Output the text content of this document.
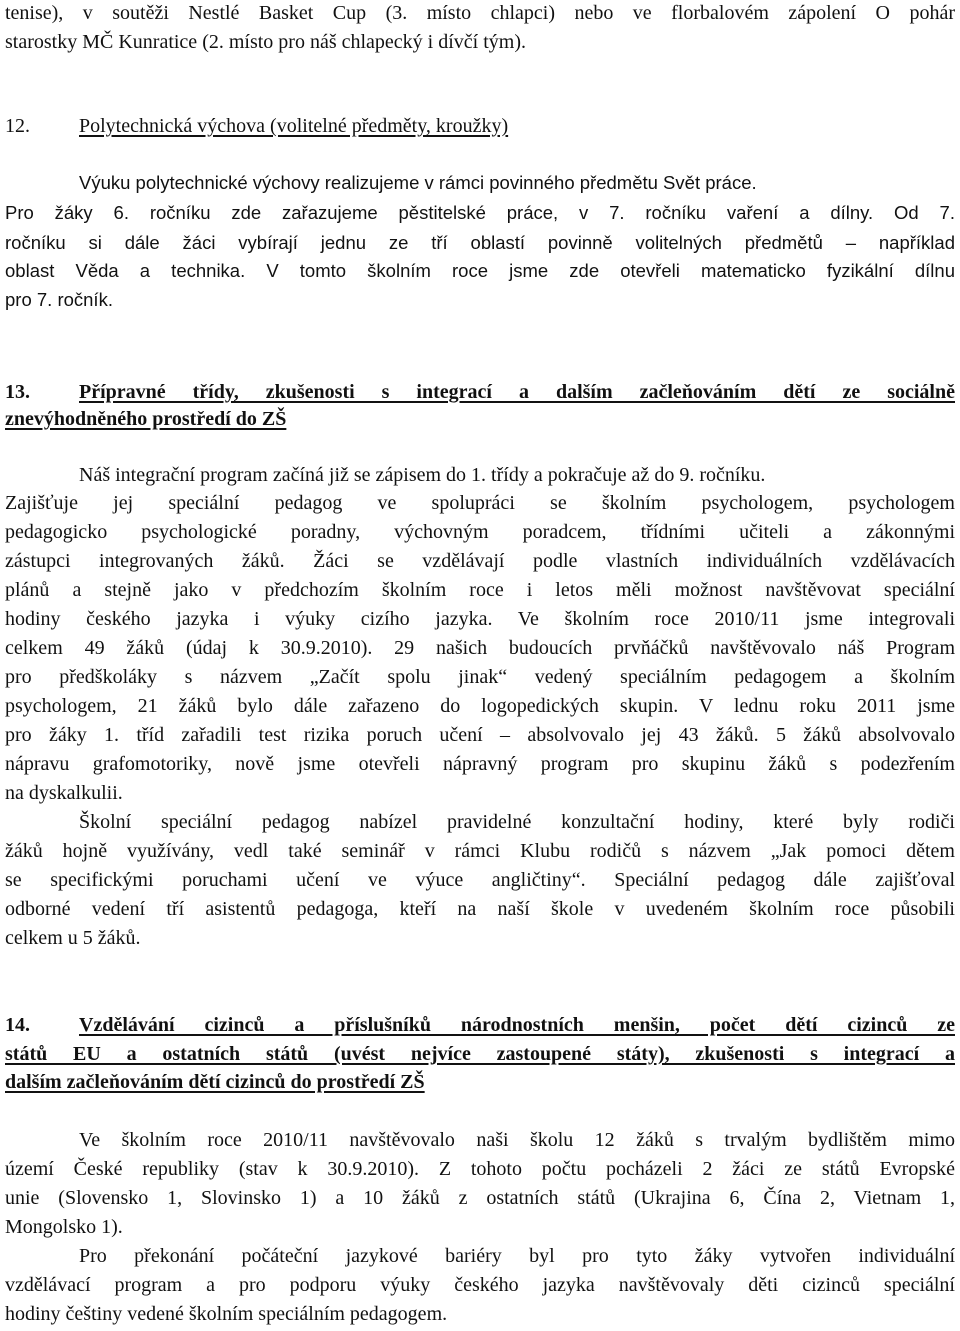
tenise), v soutěži Nestlé Basket Cup (3. místo chlapci) nebo ve florbalovém zápolení O pohár
starostky MČ Kunratice (2. místo pro náš chlapecký i dívčí tým).
12. Polytechnická výchova (volitelné předměty, kroužky)
Výuku polytechnické výchovy realizujeme v rámci povinného předmětu Svět práce.
Pro žáky 6. ročníku zde zařazujeme pěstitelské práce, v 7. ročníku vaření a dílny. Od 7.
ročníku si dále žáci vybírají jednu ze tří oblastí povinně volitelných předmětů – například
oblast Věda a technika. V tomto školním roce jsme zde otevřeli matematicko fyzikální dílnu
pro 7. ročník.
13. Přípravné třídy, zkušenosti s integrací a dalším začleňováním dětí ze sociálně
znevýhodněného prostředí do ZŠ
Náš integrační program začíná již se zápisem do 1. třídy a pokračuje až do 9. ročníku.
Zajišťuje jej speciální pedagog ve spolupráci se školním psychologem, psychologem
pedagogicko psychologické poradny, výchovným poradcem, třídními učiteli a zákonnými
zástupci integrovaných žáků. Žáci se vzdělávají podle vlastních individuálních vzdělávacích
plánů a stejně jako v předchozím školním roce i letos měli možnost navštěvovat speciální
hodiny českého jazyka i výuky cizího jazyka. Ve školním roce 2010/11 jsme integrovali
celkem 49 žáků (údaj k 30.9.2010). 29 našich budoucích prvňáčků navštěvovalo náš Program
pro předškoláky s názvem „Začít spolu jinak“ vedený speciálním pedagogem a školním
psychologem, 21 žáků bylo dále zařazeno do logopedických skupin. V lednu roku 2011 jsme
pro žáky 1. tříd zařadili test rizika poruch učení – absolvovalo jej 43 žáků. 5 žáků absolvovalo
nápravu grafomotoriky, nově jsme otevřeli nápravný program pro skupinu žáků s podezřením
na dyskalkulii.
Školní speciální pedagog nabízel pravidelné konzultační hodiny, které byly rodiči
žáků hojně využívány, vedl také seminář v rámci Klubu rodičů s názvem „Jak pomoci dětem
se specifickými poruchami učení ve výuce angličtiny“. Speciální pedagog dále zajišťoval
odborné vedení tří asistentů pedagoga, kteří na naší škole v uvedeném školním roce působili
celkem u 5 žáků.
14. Vzdělávání cizinců a příslušníků národnostních menšin, počet dětí cizinců ze
států EU a ostatních států (uvést nejvíce zastoupené státy), zkušenosti s integrací a
dalším začleňováním dětí cizinců do prostředí ZŠ
Ve školním roce 2010/11 navštěvovalo naši školu 12 žáků s trvalým bydlištěm mimo
území České republiky (stav k 30.9.2010). Z tohoto počtu pocházeli 2 žáci ze států Evropské
unie (Slovensko 1, Slovinsko 1) a 10 žáků z ostatních států (Ukrajina 6, Čína 2, Vietnam 1,
Mongolsko 1).
Pro překonání počáteční jazykové bariéry byl pro tyto žáky vytvořen individuální
vzdělávací program a pro podporu výuky českého jazyka navštěvovaly děti cizinců speciální
hodiny češtiny vedené školním speciálním pedagogem.
